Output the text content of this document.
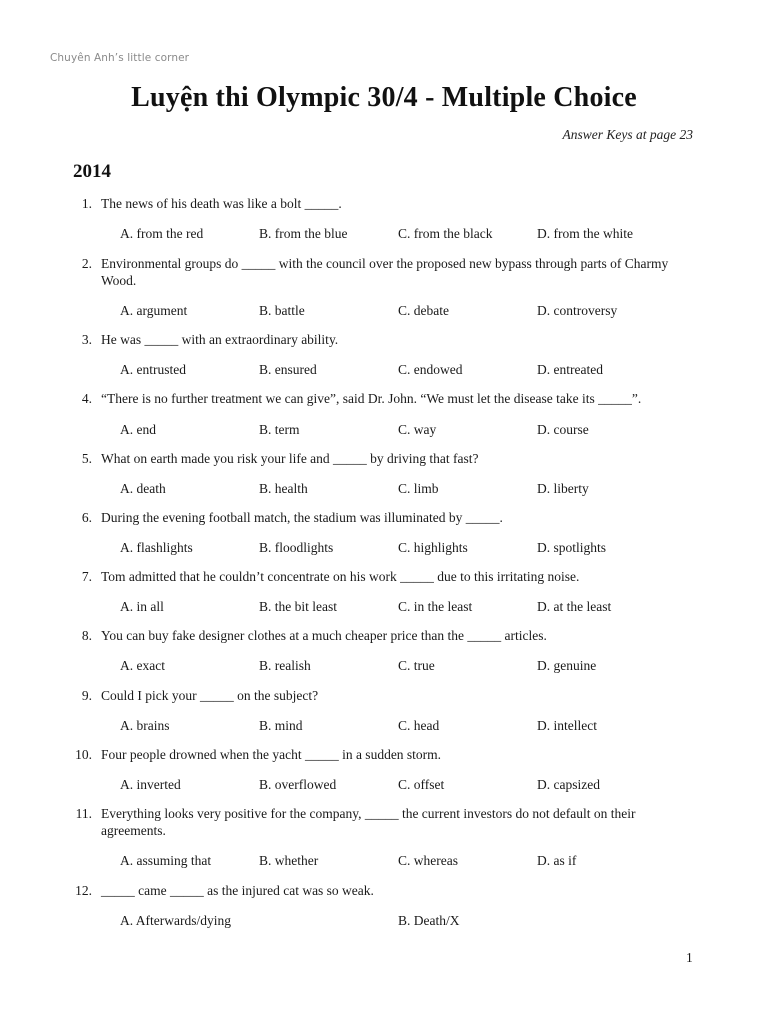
Chuyên Anh’s little corner
Luyện thi Olympic 30/4 - Multiple Choice
Answer Keys at page 23
2014
1. The news of his death was like a bolt _____.
A. from the red	B. from the blue	C. from the black	D. from the white
2. Environmental groups do _____ with the council over the proposed new bypass through parts of Charmy Wood.
A. argument	B. battle	C. debate	D. controversy
3. He was _____ with an extraordinary ability.
A. entrusted	B. ensured	C. endowed	D. entreated
4. “There is no further treatment we can give”, said Dr. John. “We must let the disease take its _____”.
A. end	B. term	C. way	D. course
5. What on earth made you risk your life and _____ by driving that fast?
A. death	B. health	C. limb	D. liberty
6. During the evening football match, the stadium was illuminated by _____.
A. flashlights	B. floodlights	C. highlights	D. spotlights
7. Tom admitted that he couldn’t concentrate on his work _____ due to this irritating noise.
A. in all	B. the bit least	C. in the least	D. at the least
8. You can buy fake designer clothes at a much cheaper price than the _____ articles.
A. exact	B. realish	C. true	D. genuine
9. Could I pick your _____ on the subject?
A. brains	B. mind	C. head	D. intellect
10. Four people drowned when the yacht _____ in a sudden storm.
A. inverted	B. overflowed	C. offset	D. capsized
11. Everything looks very positive for the company, _____ the current investors do not default on their agreements.
A. assuming that	B. whether	C. whereas	D. as if
12. _____ came _____ as the injured cat was so weak.
A. Afterwards/dying	B. Death/X
1
